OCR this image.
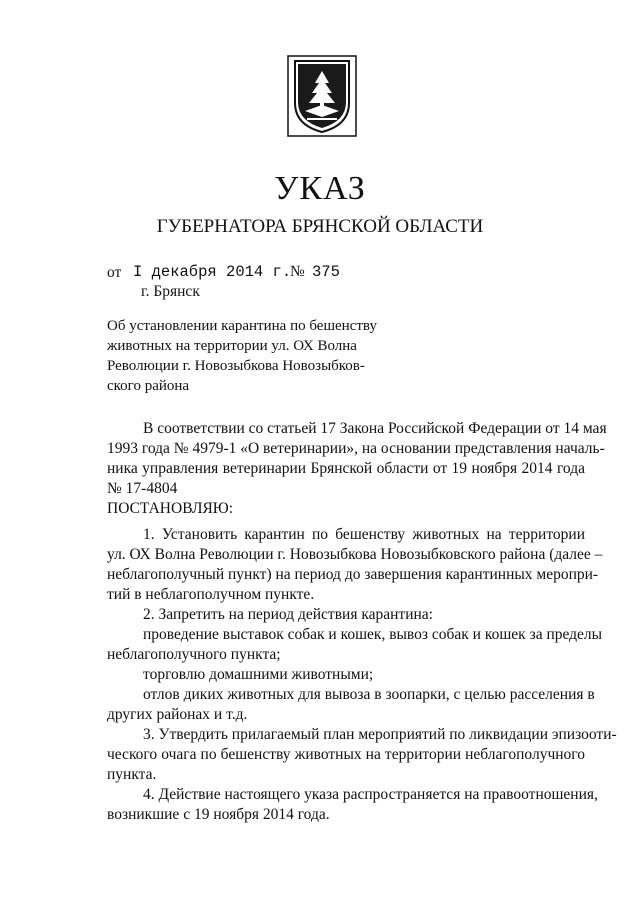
УКАЗ
ГУБЕРНАТОРА БРЯНСКОЙ ОБЛАСТИ
от I декабря 2014 г.
№ 375
г. Брянск
Об установлении карантина по бешенству
животных на территории ул. ОХ Волна
Революции г. Новозыбкова Новозыбков-
ского района
В соответствии со статьей 17 Закона Российской Федерации от 14 мая
1993 года № 4979-1 «О ветеринарии», на основании представления началь-
ника управления ветеринарии Брянской области от 19 ноября 2014 года
№ 17-4804
ПОСТАНОВЛЯЮ:
1. Установить карантин по бешенству животных на территории
ул. ОХ Волна Революции г. Новозыбкова Новозыбковского района (далее –
неблагополучный пункт) на период до завершения карантинных меропри-
тий в неблагополучном пункте.
2. Запретить на период действия карантина:
проведение выставок собак и кошек, вывоз собак и кошек за пределы
неблагополучного пункта;
торговлю домашними животными;
отлов диких животных для вывоза в зоопарки, с целью расселения в
других районах и т.д.
3. Утвердить прилагаемый план мероприятий по ликвидации эпизооти-
ческого очага по бешенству животных на территории неблагополучного
пункта.
4. Действие настоящего указа распространяется на правоотношения,
возникшие с 19 ноября 2014 года.
